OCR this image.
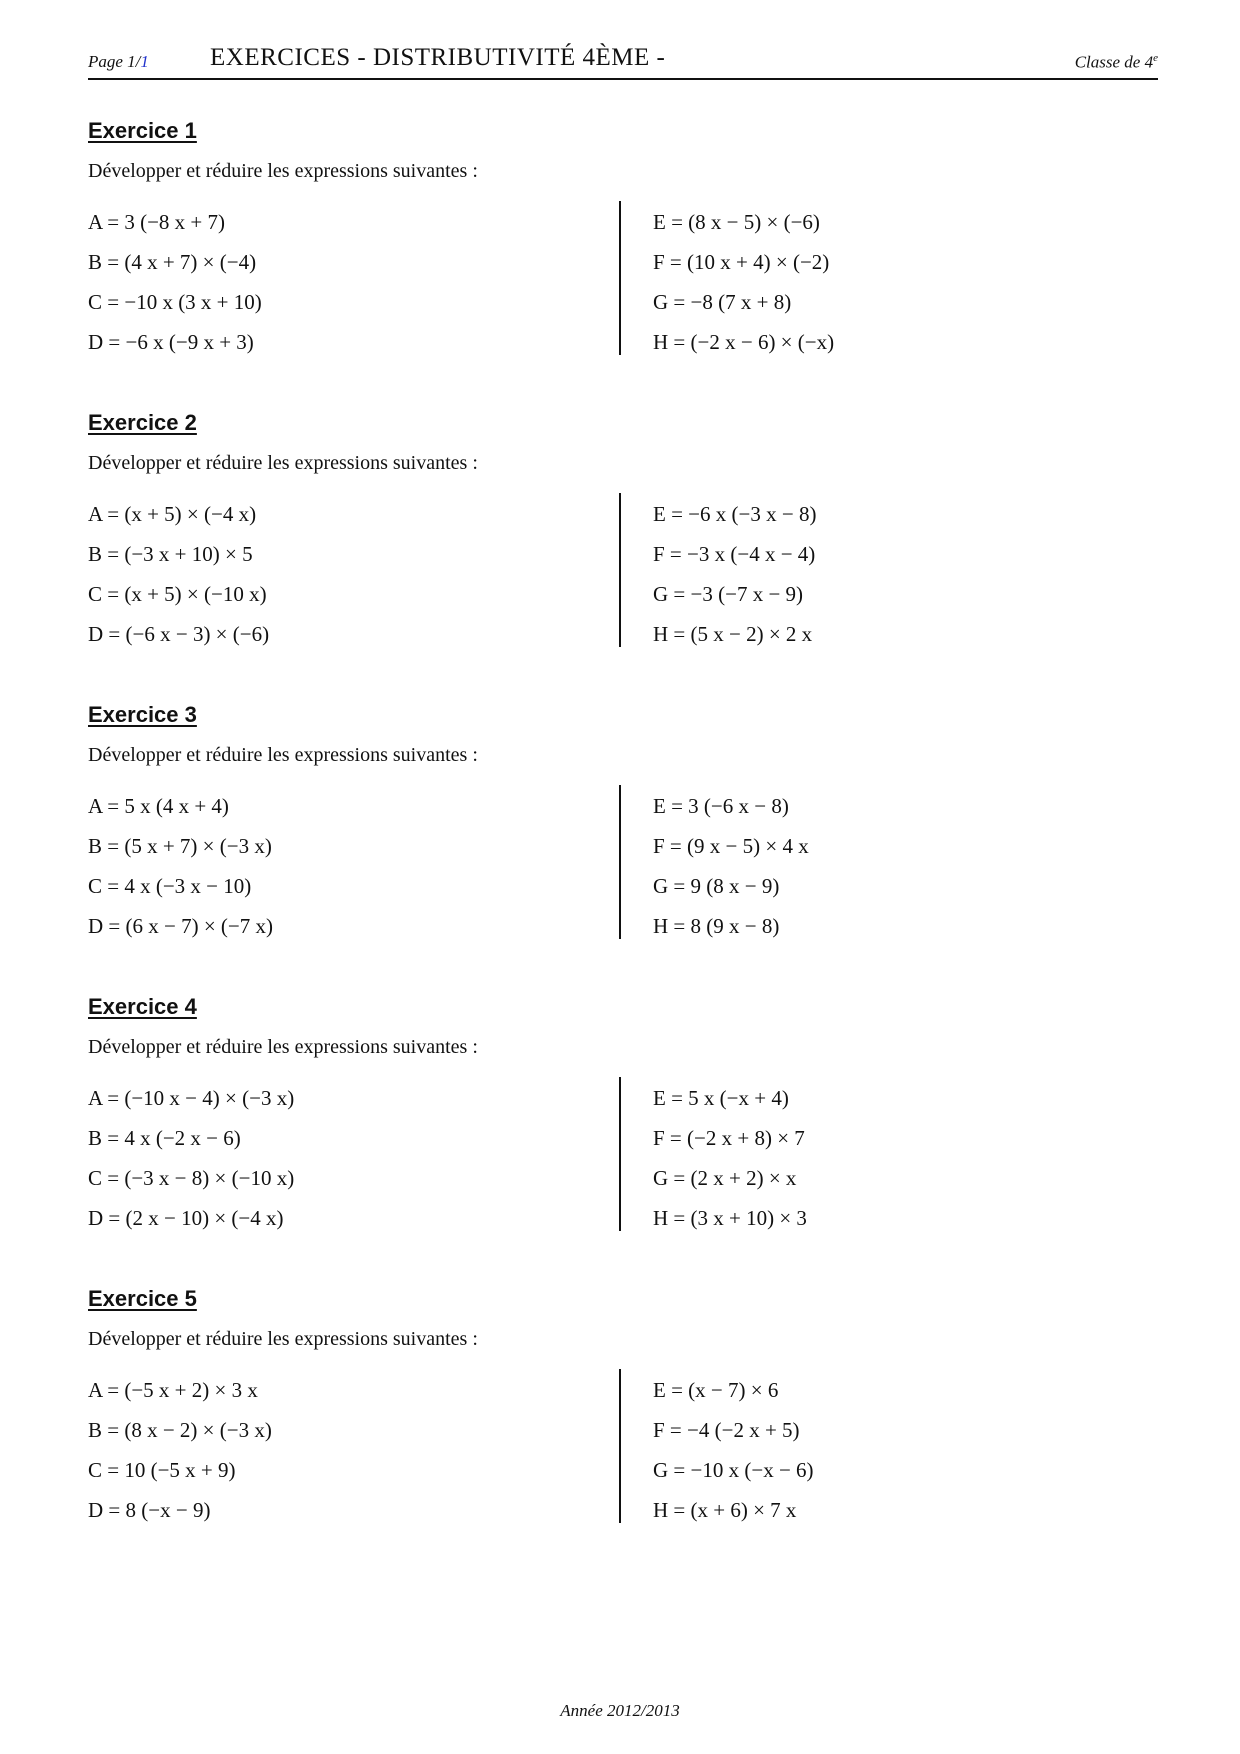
Page 1/1 EXERCICES - DISTRIBUTIVITÉ 4ÈME -	Classe de 4e
Exercice 1
Développer et réduire les expressions suivantes :
A = 3 (−8 x + 7)
B = (4 x + 7) × (−4)
C = −10 x (3 x + 10)
D = −6 x (−9 x + 3)
E = (8 x − 5) × (−6)
F = (10 x + 4) × (−2)
G = −8 (7 x + 8)
H = (−2 x − 6) × (−x)
Exercice 2
Développer et réduire les expressions suivantes :
A = (x + 5) × (−4 x)
B = (−3 x + 10) × 5
C = (x + 5) × (−10 x)
D = (−6 x − 3) × (−6)
E = −6 x (−3 x − 8)
F = −3 x (−4 x − 4)
G = −3 (−7 x − 9)
H = (5 x − 2) × 2 x
Exercice 3
Développer et réduire les expressions suivantes :
A = 5 x (4 x + 4)
B = (5 x + 7) × (−3 x)
C = 4 x (−3 x − 10)
D = (6 x − 7) × (−7 x)
E = 3 (−6 x − 8)
F = (9 x − 5) × 4 x
G = 9 (8 x − 9)
H = 8 (9 x − 8)
Exercice 4
Développer et réduire les expressions suivantes :
A = (−10 x − 4) × (−3 x)
B = 4 x (−2 x − 6)
C = (−3 x − 8) × (−10 x)
D = (2 x − 10) × (−4 x)
E = 5 x (−x + 4)
F = (−2 x + 8) × 7
G = (2 x + 2) × x
H = (3 x + 10) × 3
Exercice 5
Développer et réduire les expressions suivantes :
A = (−5 x + 2) × 3 x
B = (8 x − 2) × (−3 x)
C = 10 (−5 x + 9)
D = 8 (−x − 9)
E = (x − 7) × 6
F = −4 (−2 x + 5)
G = −10 x (−x − 6)
H = (x + 6) × 7 x
Année 2012/2013
